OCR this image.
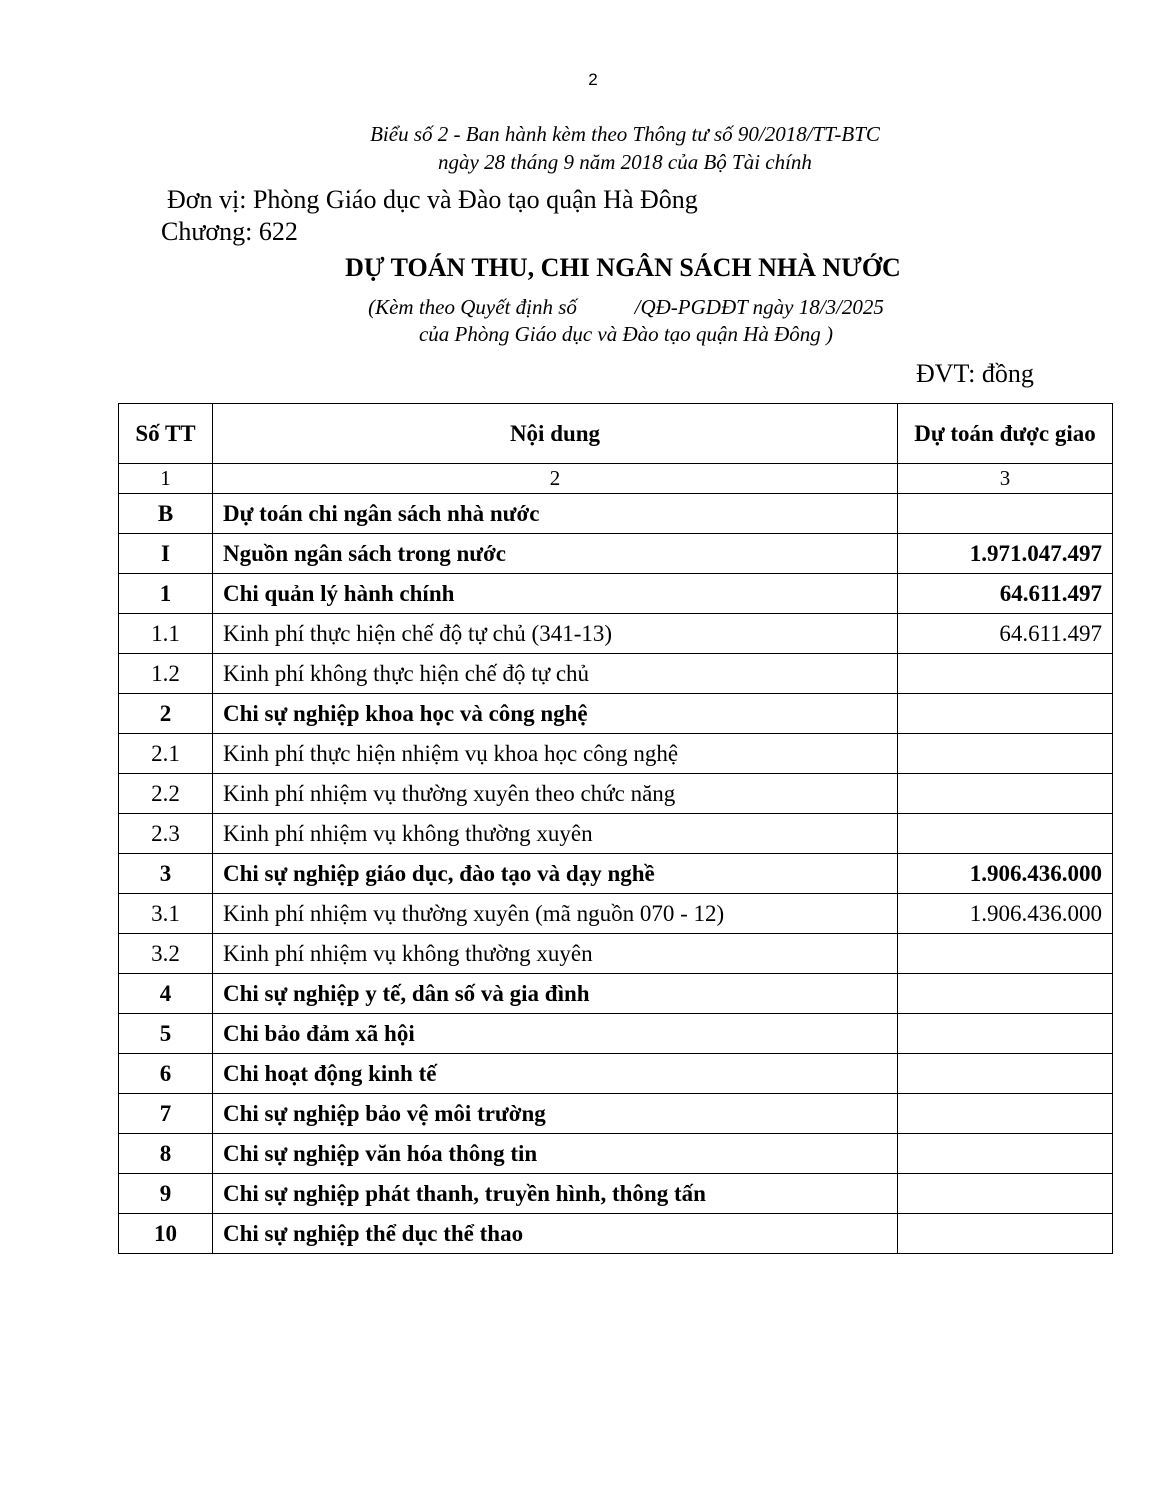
2
Biểu số 2 - Ban hành kèm theo Thông tư số 90/2018/TT-BTC
ngày 28 tháng 9 năm 2018 của Bộ Tài chính
Đơn vị: Phòng Giáo dục và Đào tạo quận Hà Đông
Chương: 622
DỰ TOÁN THU, CHI NGÂN SÁCH NHÀ NƯỚC
(Kèm theo Quyết định số           /QĐ-PGDĐT ngày 18/3/2025
của Phòng Giáo dục và Đào tạo quận Hà Đông )
ĐVT: đồng
Số TT	Nội dung	Dự toán được giao
1	2	3
B	Dự toán chi ngân sách nhà nước	
I	Nguồn ngân sách trong nước	1.971.047.497
1	Chi quản lý hành chính	64.611.497
1.1	Kinh phí thực hiện chế độ tự chủ (341-13)	64.611.497
1.2	Kinh phí không thực hiện chế độ tự chủ	
2	Chi sự nghiệp khoa học và công nghệ	
2.1	Kinh phí thực hiện nhiệm vụ khoa học công nghệ	
2.2	Kinh phí nhiệm vụ thường xuyên theo chức năng	
2.3	Kinh phí nhiệm vụ không thường xuyên	
3	Chi sự nghiệp giáo dục, đào tạo và dạy nghề	1.906.436.000
3.1	Kinh phí nhiệm vụ thường xuyên (mã nguồn 070 - 12)	1.906.436.000
3.2	Kinh phí nhiệm vụ không thường xuyên	
4	Chi sự nghiệp y tế, dân số và gia đình	
5	Chi bảo đảm xã hội	
6	Chi hoạt động kinh tế	
7	Chi sự nghiệp bảo vệ môi trường	
8	Chi sự nghiệp văn hóa thông tin	
9	Chi sự nghiệp phát thanh, truyền hình, thông tấn	
10	Chi sự nghiệp thể dục thể thao	
